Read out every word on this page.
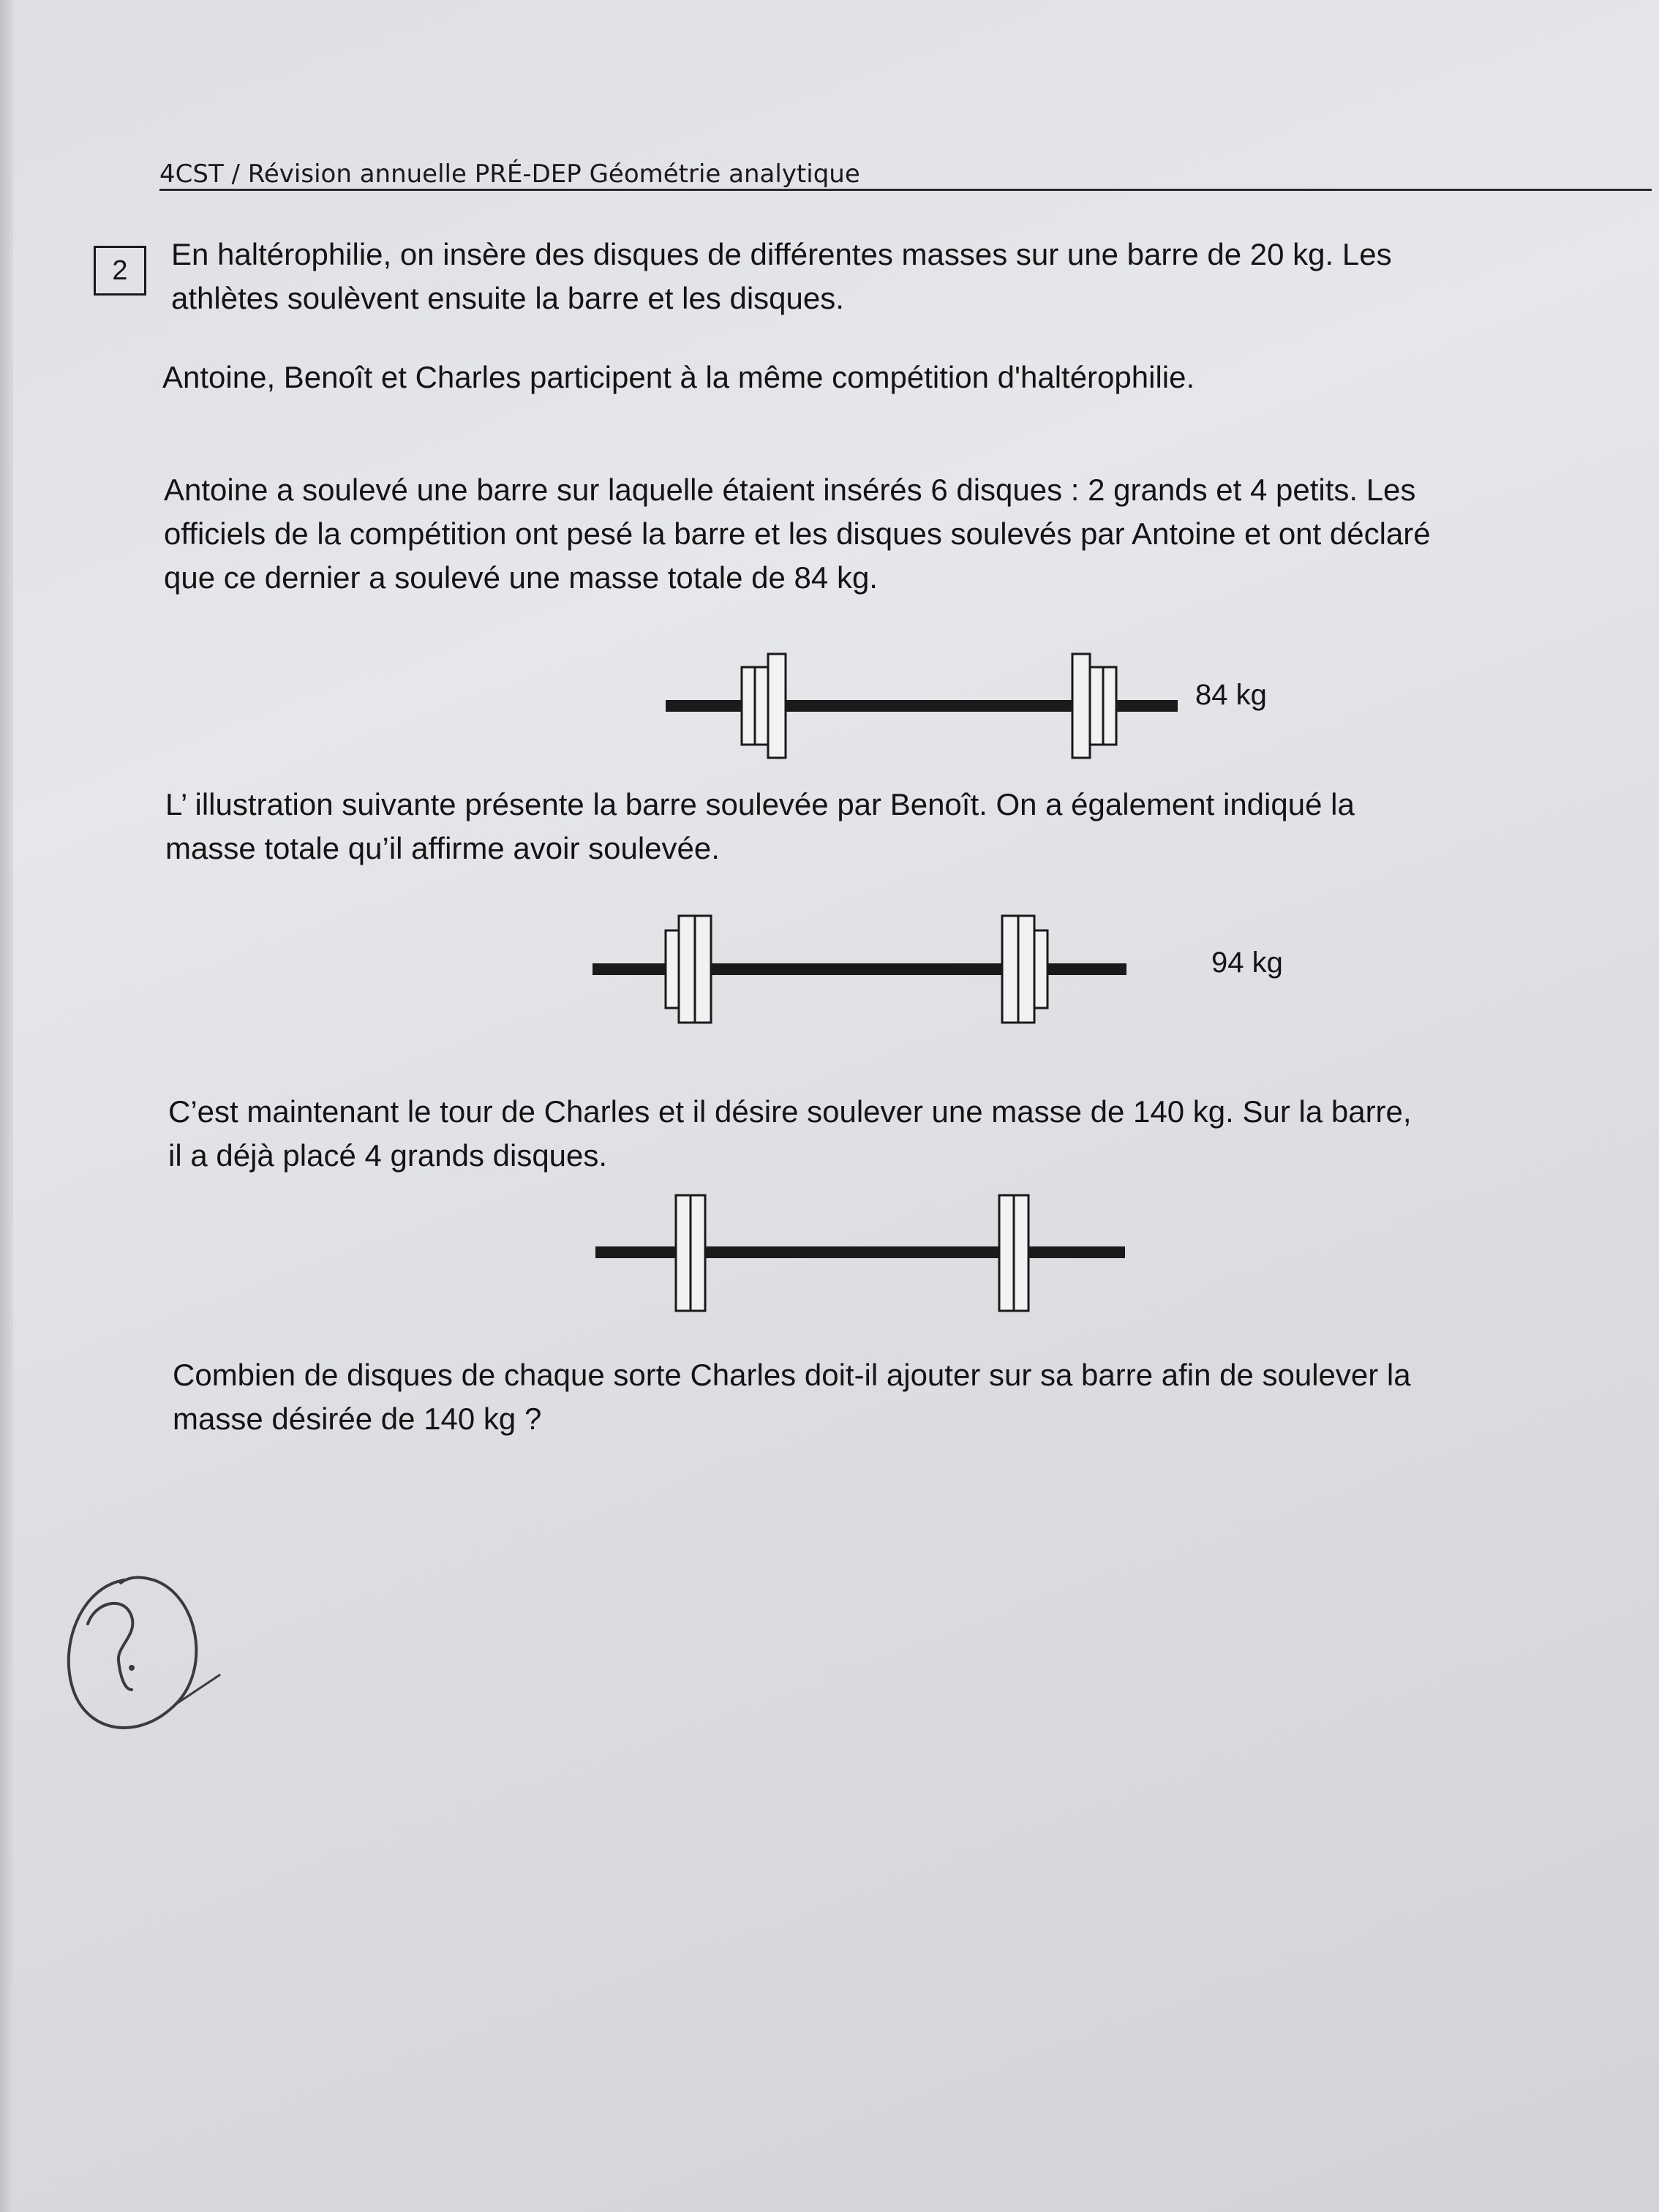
4CST / Révision annuelle PRÉ-DEP Géométrie analytique
2	En haltérophilie, on insère des disques de différentes masses sur une barre de 20 kg. Les
athlètes soulèvent ensuite la barre et les disques.
Antoine, Benoît et Charles participent à la même compétition d'haltérophilie.
Antoine a soulevé une barre sur laquelle étaient insérés 6 disques : 2 grands et 4 petits. Les
officiels de la compétition ont pesé la barre et les disques soulevés par Antoine et ont déclaré
que ce dernier a soulevé une masse totale de 84 kg.
84 kg
L’ illustration suivante présente la barre soulevée par Benoît. On a également indiqué la
masse totale qu’il affirme avoir soulevée.
94 kg
C’est maintenant le tour de Charles et il désire soulever une masse de 140 kg. Sur la barre,
il a déjà placé 4 grands disques.
Combien de disques de chaque sorte Charles doit-il ajouter sur sa barre afin de soulever la
masse désirée de 140 kg ?
